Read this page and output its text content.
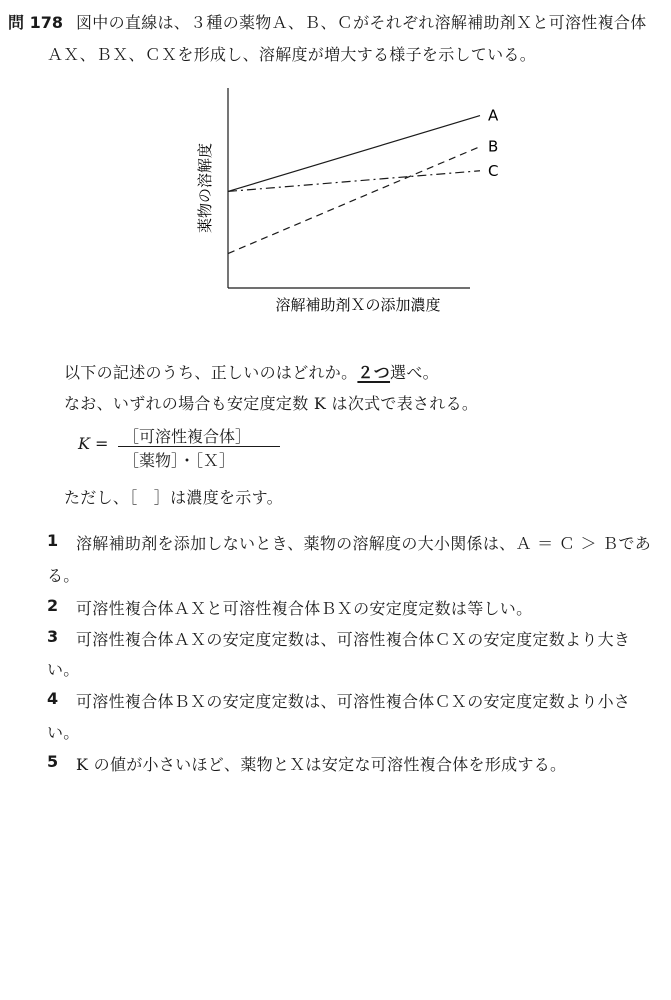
問 178 図中の直線は、３種の薬物Ａ、Ｂ、Ｃがそれぞれ溶解補助剤Ｘと可溶性複合体
ＡＸ、ＢＸ、ＣＸを形成し、溶解度が増大する様子を示している。
A
B
C
薬物の溶解度
溶解補助剤Ｘの添加濃度
以下の記述のうち、正しいのはどれか。２つ選べ。
なお、いずれの場合も安定度定数 K は次式で表される。
K = ［可溶性複合体］
［薬物］・［Ｘ］
ただし、［　］は濃度を示す。
1 溶解補助剤を添加しないとき、薬物の溶解度の大小関係は、Ａ ＝ Ｃ ＞ Ｂであ
る。
2 可溶性複合体ＡＸと可溶性複合体ＢＸの安定度定数は等しい。
3 可溶性複合体ＡＸの安定度定数は、可溶性複合体ＣＸの安定度定数より大き
い。
4 可溶性複合体ＢＸの安定度定数は、可溶性複合体ＣＸの安定度定数より小さ
い。
5 K の値が小さいほど、薬物とＸは安定な可溶性複合体を形成する。
